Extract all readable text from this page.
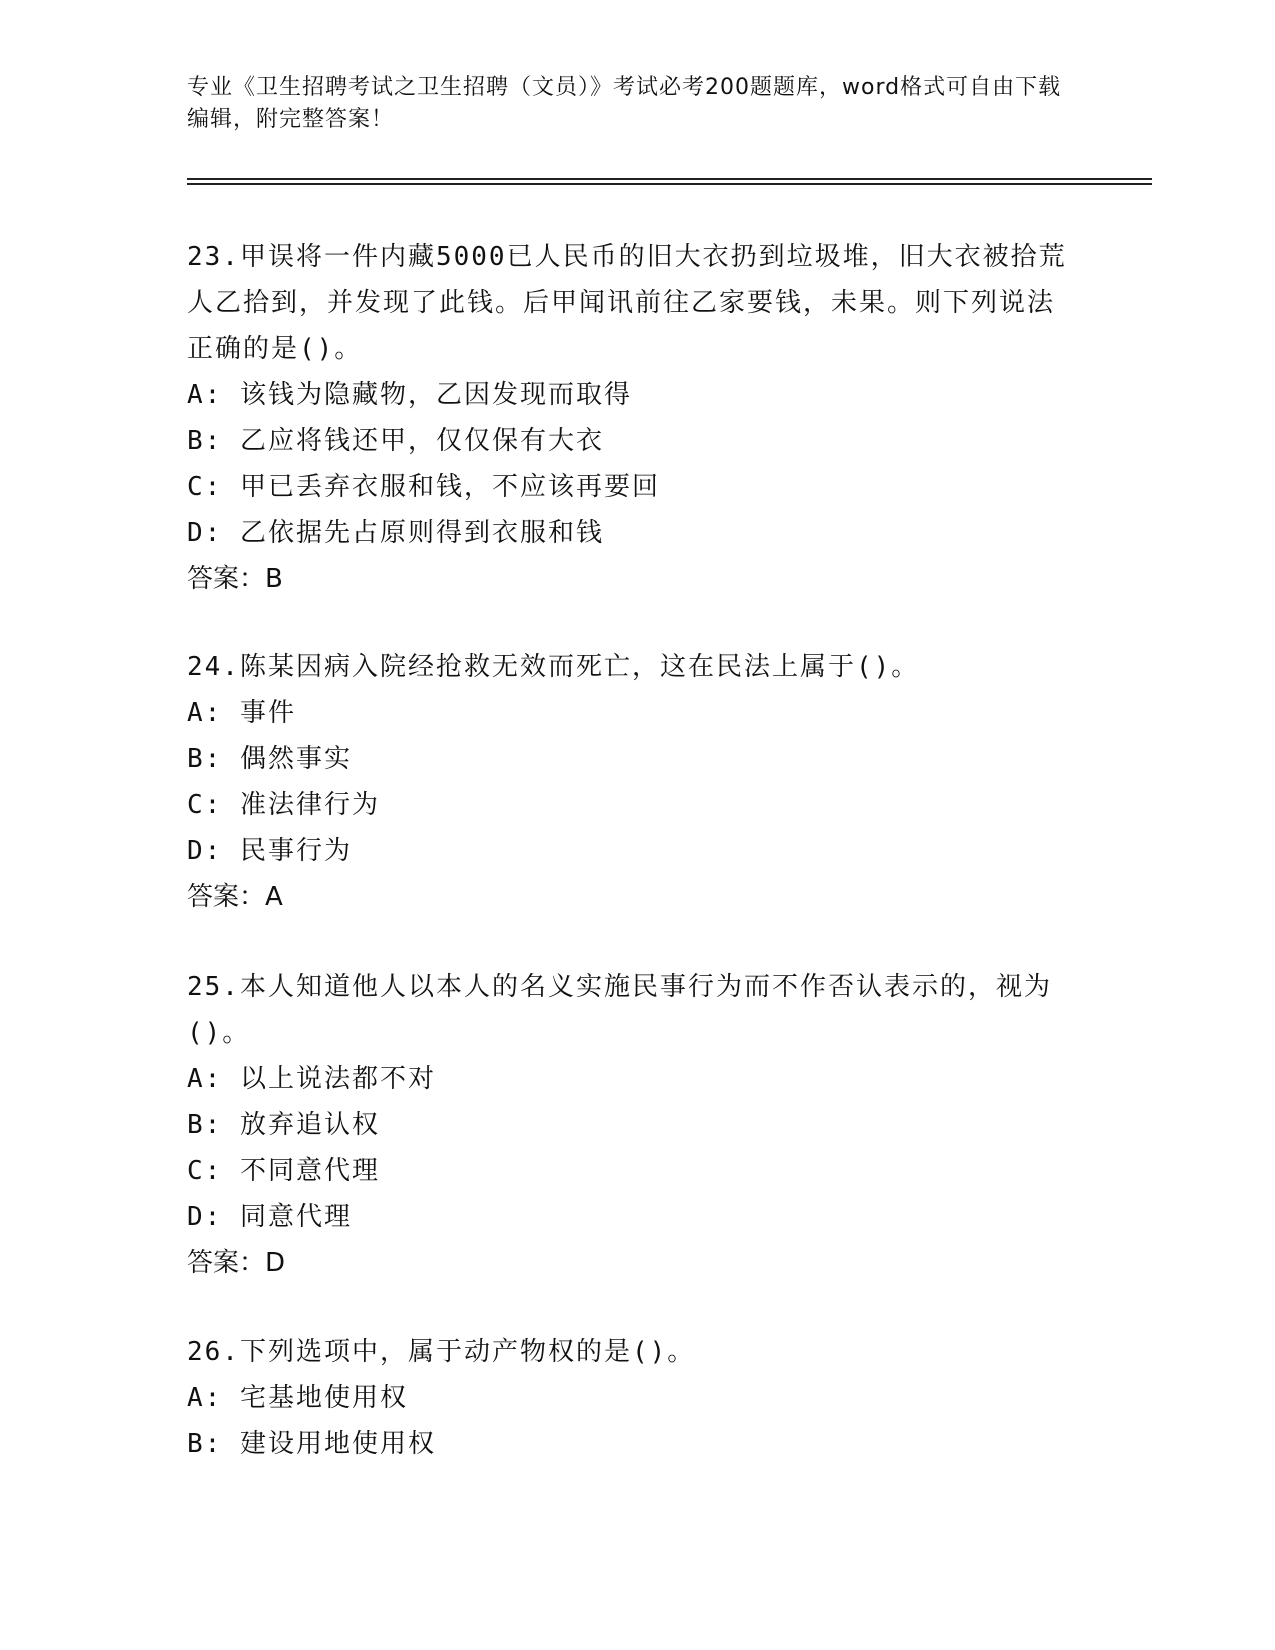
专业《卫生招聘考试之卫生招聘（文员）》考试必考200题题库，word格式可自由下载编辑，附完整答案！

23.甲误将一件内藏5000已人民币的旧大衣扔到垃圾堆，旧大衣被拾荒人乙拾到，并发现了此钱。后甲闻讯前往乙家要钱，未果。则下列说法正确的是()。

A: 该钱为隐藏物，乙因发现而取得

B: 乙应将钱还甲，仅仅保有大衣

C: 甲已丢弃衣服和钱，不应该再要回

D: 乙依据先占原则得到衣服和钱

答案：B

24.陈某因病入院经抢救无效而死亡，这在民法上属于()。

A: 事件

B: 偶然事实

C: 准法律行为

D: 民事行为

答案：A

25.本人知道他人以本人的名义实施民事行为而不作否认表示的，视为()。

A: 以上说法都不对

B: 放弃追认权

C: 不同意代理

D: 同意代理

答案：D

26.下列选项中，属于动产物权的是()。

A: 宅基地使用权

B: 建设用地使用权
